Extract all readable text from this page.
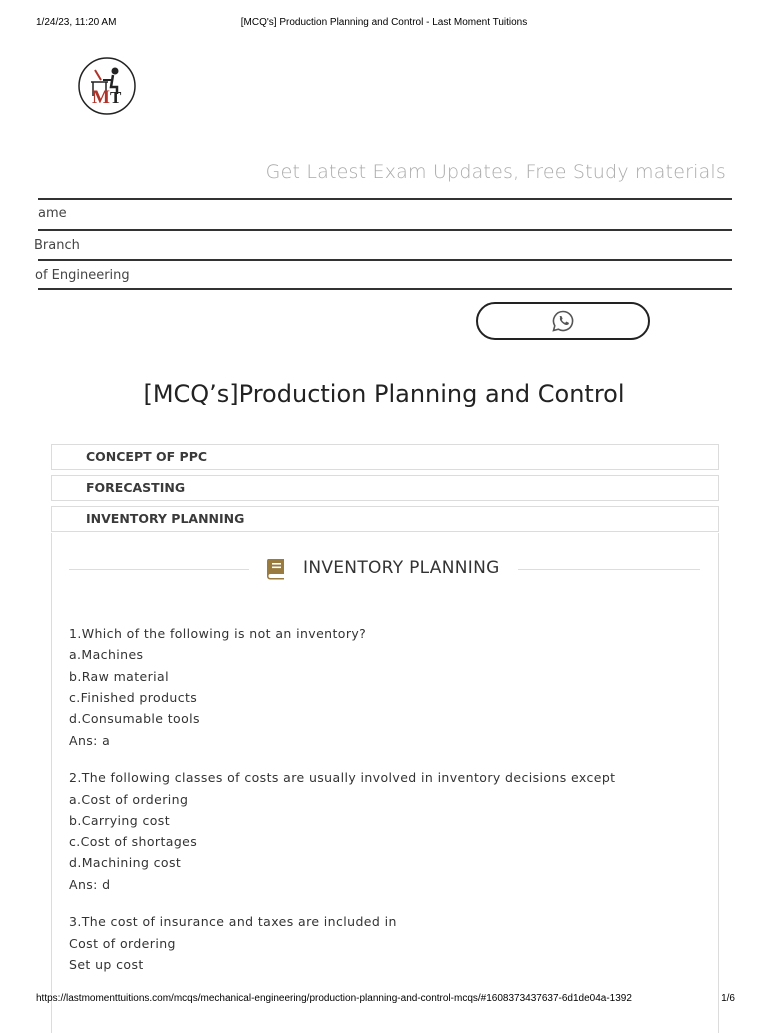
1/24/23, 11:20 AM	[MCQ's] Production Planning and Control - Last Moment Tuitions
M T
Get Latest Exam Updates, Free Study materials
ame
Branch
of Engineering
[MCQ’s]Production Planning and Control
CONCEPT OF PPC
FORECASTING
INVENTORY PLANNING
INVENTORY PLANNING
1.Which of the following is not an inventory?
a.Machines
b.Raw material
c.Finished products
d.Consumable tools
Ans: a
2.The following classes of costs are usually involved in inventory decisions except
a.Cost of ordering
b.Carrying cost
c.Cost of shortages
d.Machining cost
Ans: d
3.The cost of insurance and taxes are included in
Cost of ordering
Set up cost
https://lastmomenttuitions.com/mcqs/mechanical-engineering/production-planning-and-control-mcqs/#1608373437637-6d1de04a-1392	1/6
